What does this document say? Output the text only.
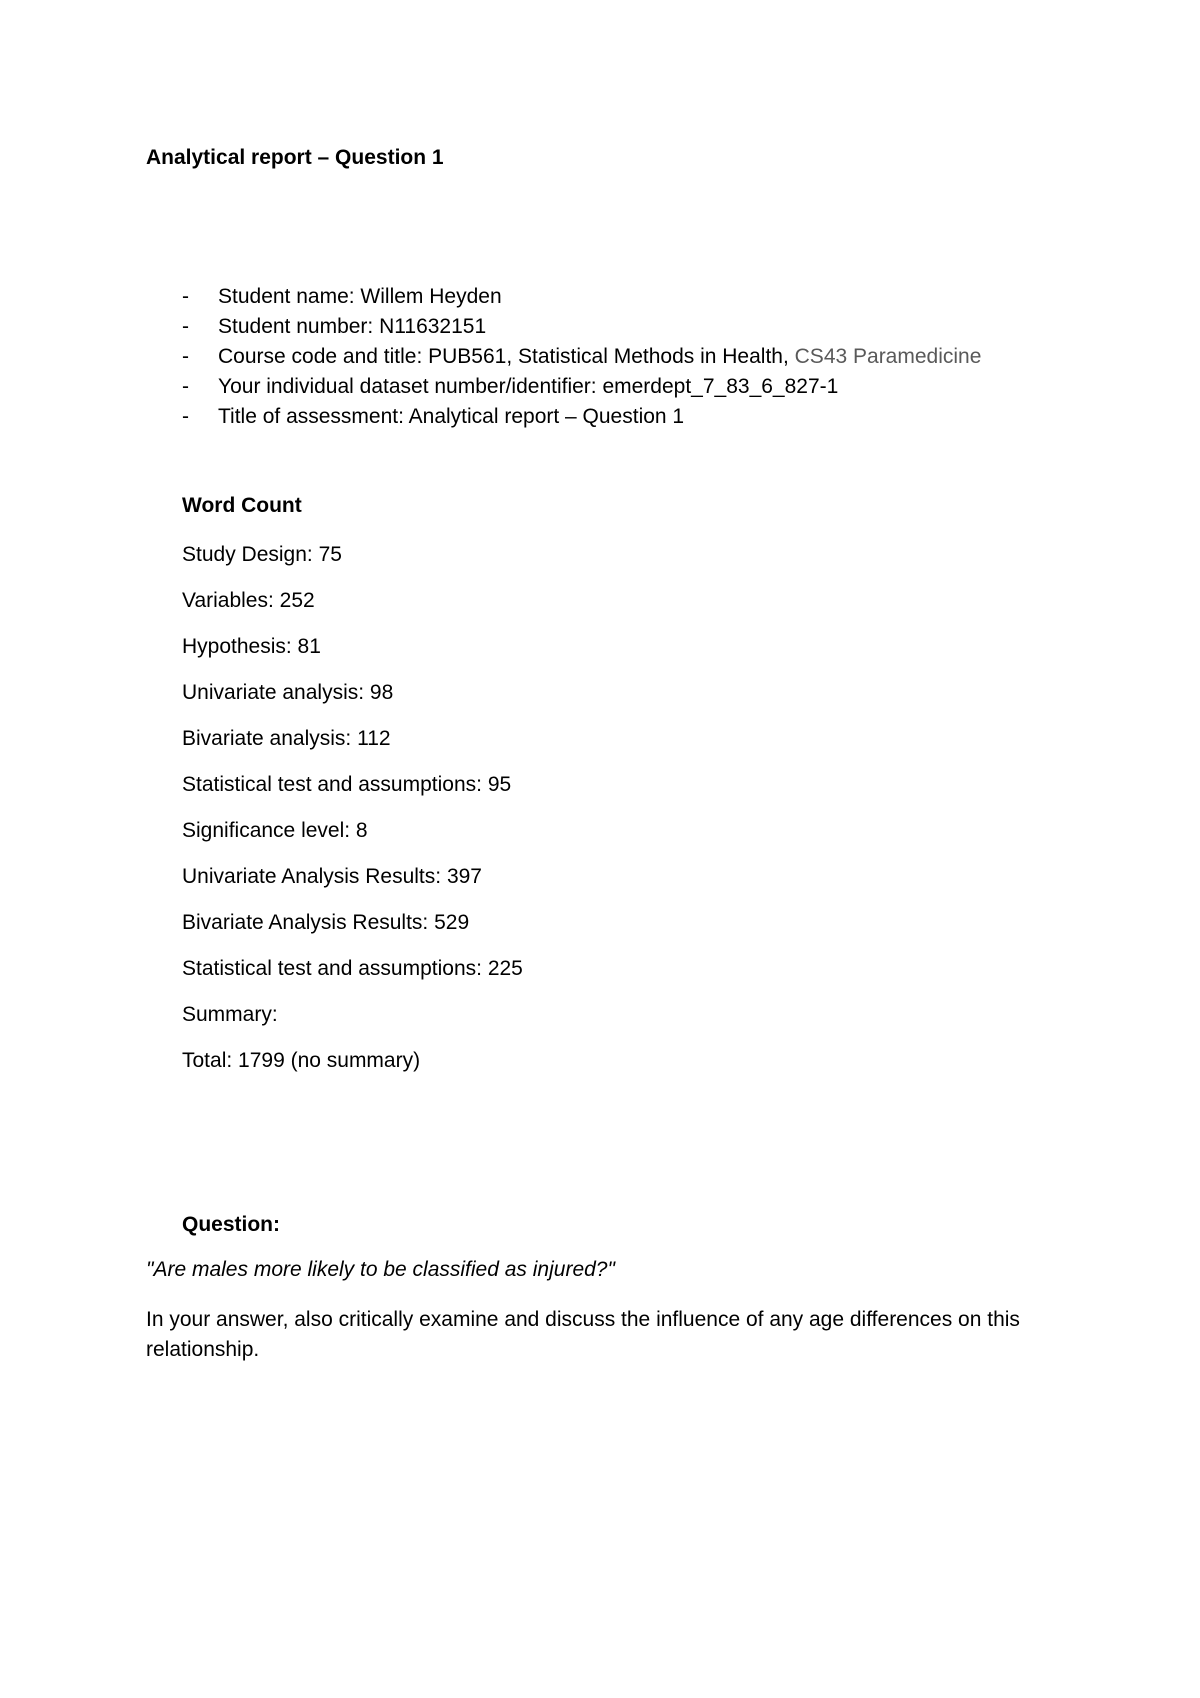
Analytical report – Question 1
- Student name: Willem Heyden
- Student number: N11632151
- Course code and title: PUB561, Statistical Methods in Health, CS43 Paramedicine
- Your individual dataset number/identifier: emerdept_7_83_6_827-1
- Title of assessment: Analytical report – Question 1
Word Count
Study Design: 75
Variables: 252
Hypothesis: 81
Univariate analysis: 98
Bivariate analysis: 112
Statistical test and assumptions: 95
Significance level: 8
Univariate Analysis Results: 397
Bivariate Analysis Results: 529
Statistical test and assumptions: 225
Summary:
Total: 1799 (no summary)
Question:

"Are males more likely to be classified as injured?"

In your answer, also critically examine and discuss the influence of any age differences on this relationship.
